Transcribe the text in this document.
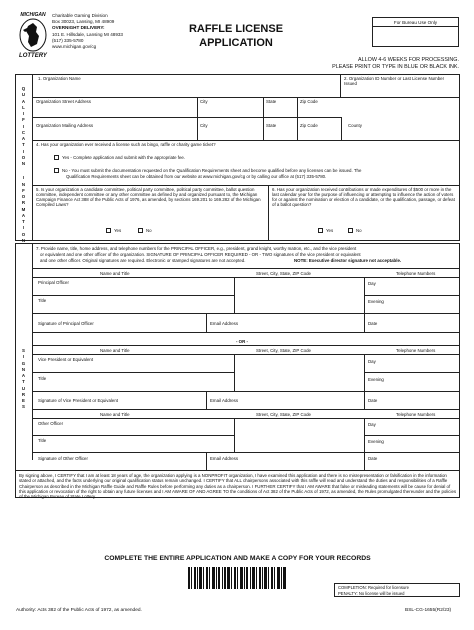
MICHIGAN
LOTTERY
Charitable Gaming Division
Box 30023, Lansing, MI 48909
OVERNIGHT DELIVERY:
101 E. Hillsdale, Lansing MI 48933
(517) 335-5780
www.michigan.gov/cg
RAFFLE LICENSE
APPLICATION
For Bureau Use Only
ALLOW 4-6 WEEKS FOR PROCESSING.
PLEASE PRINT OR TYPE IN BLUE OR BLACK INK.
Q
U
A
L
I
F
I
C
A
T
I
O
N
I
N
F
O
R
M
A
T
I
O
N
1. Organization Name	2. Organization ID Number or Last License Number Issued
Organization Street Address	City	State	Zip Code
Organization Mailing Address	City	State	Zip Code	County
4. Has your organization ever received a license such as bingo, raffle or charity game ticket?
Yes - Complete application and submit with the appropriate fee.
No - You must submit the documentation requested on the Qualification Requirements sheet and become qualified before any licenses can be issued. The
Qualification Requirements sheet can be obtained from our website at www.michigan.gov/cg or by calling our office at (517) 335-5780.
5. Is your organization a candidate committee, political party committee, political party committee, ballot question committee, independent committee or any other committee as defined by and organized pursuant to, the Michigan Campaign Finance Act 388 of the Public Acts of 1976, as amended, by sections 169.201 to 169.282 of the Michigan Compiled Laws?
Yes	No
6. Has your organization received contributions or made expenditures of $500 or more in the last calendar year for the purpose of influencing or attempting to influence the action of voters for or against the nomination or election of a candidate, or the qualification, passage, or defeat of a ballot question?
Yes	No
S
I
G
N
A
T
U
R
E
S
7. Provide name, title, home address, and telephone numbers for the PRINCIPAL OFFICER, e.g., president, grand knight, worthy matron, etc., and the vice president
or equivalent and one other officer of the organization. SIGNATURE OF PRINCIPAL OFFICER REQUIRED - OR - TWO signatures of the vice president or equivalent
and one other officer. Original signatures are required. Electronic or stamped signatures are not accepted.	NOTE: Executive director signature not acceptable.
Name and Title	Street, City, State, ZIP Code	Telephone Numbers
Principal Officer
Title
Day
Evening
Signature of Principal Officer	Email Address	Date
- OR -
Name and Title	Street, City, State, ZIP Code	Telephone Numbers
Vice President or Equivalent
Title
Day
Evening
Signature of Vice President or Equivalent	Email Address	Date
Name and Title	Street, City, State, ZIP Code	Telephone Numbers
Other Officer
Title
Day
Evening
Signature of Other Officer	Email Address	Date
By signing above, I CERTIFY that I am at least 18 years of age, the organization applying is a NONPROFIT organization, I have examined this application and there is no misrepresentation or falsification in the information stated or attached, and the facts underlying our original qualification status remain unchanged. I CERTIFY that ALL chairpersons associated with this raffle will read and understand the duties and responsibilities of a Raffle Chairperson as described in the Michigan Raffle Guide and Raffle Rules before performing any duties as a chairperson. I FURTHER CERTIFY that I AM AWARE that false or misleading statements will be cause for denial of this application or revocation of the right to obtain any future licenses and I AM AWARE OF AND AGREE TO the conditions of Act 382 of the Public Acts of 1972, as amended, the Rules promulgated thereunder and the policies of the Michigan Bureau of State Lottery.
COMPLETE THE ENTIRE APPLICATION AND MAKE A COPY FOR YOUR RECORDS
COMPLETION: Required for licensure
PENALTY: No license will be issued
Authority: Acts 382 of the Public Acts of 1972, as amended.	BSL-CG-1655(R2/23)
